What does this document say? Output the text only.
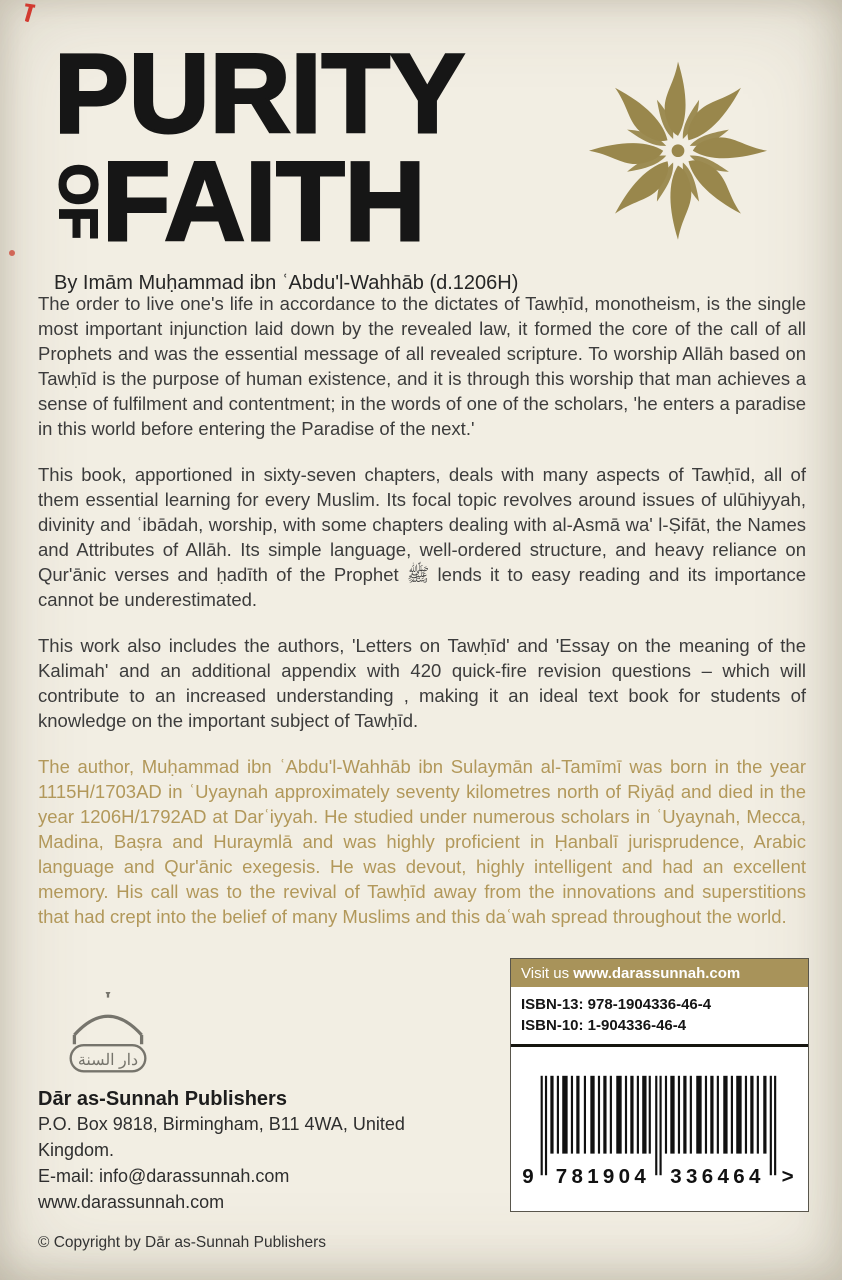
PURITY
OF
FAITH
By Imām Muḥammad ibn ʿAbdu'l-Wahhāb (d.1206H)

The order to live one's life in accordance to the dictates of Tawḥīd, monotheism, is the single most important injunction laid down by the revealed law, it formed the core of the call of all Prophets and was the essential message of all revealed scripture. To worship Allāh based on Tawḥīd is the purpose of human existence, and it is through this worship that man achieves a sense of fulfilment and contentment; in the words of one of the scholars, 'he enters a paradise in this world before entering the Paradise of the next.'

This book, apportioned in sixty-seven chapters, deals with many aspects of Tawḥīd, all of them essential learning for every Muslim. Its focal topic revolves around issues of ulūhiyyah, divinity and ʿibādah, worship, with some chapters dealing with al-Asmā wa' l-Ṣifāt, the Names and Attributes of Allāh. Its simple language, well-ordered structure, and heavy reliance on Qur'ānic verses and ḥadīth of the Prophet ﷺ lends it to easy reading and its importance cannot be underestimated.

This work also includes the authors, 'Letters on Tawḥīd' and 'Essay on the meaning of the Kalimah' and an additional appendix with 420 quick-fire revision questions – which will contribute to an increased understanding , making it an ideal text book for students of knowledge on the important subject of Tawḥīd.

The author, Muḥammad ibn ʿAbdu'l-Wahhāb ibn Sulaymān al-Tamīmī was born in the year 1115H/1703AD in ʿUyaynah approximately seventy kilometres north of Riyāḍ and died in the year 1206H/1792AD at Darʿiyyah. He studied under numerous scholars in ʿUyaynah, Mecca, Madina, Baṣra and Huraymlā and was highly proficient in Ḥanbalī jurisprudence, Arabic language and Qur'ānic exegesis. He was devout, highly intelligent and had an excellent memory. His call was to the revival of Tawḥīd away from the innovations and superstitions that had crept into the belief of many Muslims and this daʿwah spread throughout the world.

دار السنة
Dār as-Sunnah Publishers
P.O. Box 9818, Birmingham, B11 4WA, United Kingdom.
E-mail: info@darassunnah.com
www.darassunnah.com
© Copyright by Dār as-Sunnah Publishers
Visit us www.darassunnah.com
ISBN-13: 978-1904336-46-4
ISBN-10: 1-904336-46-4
9 781904 336464 >
